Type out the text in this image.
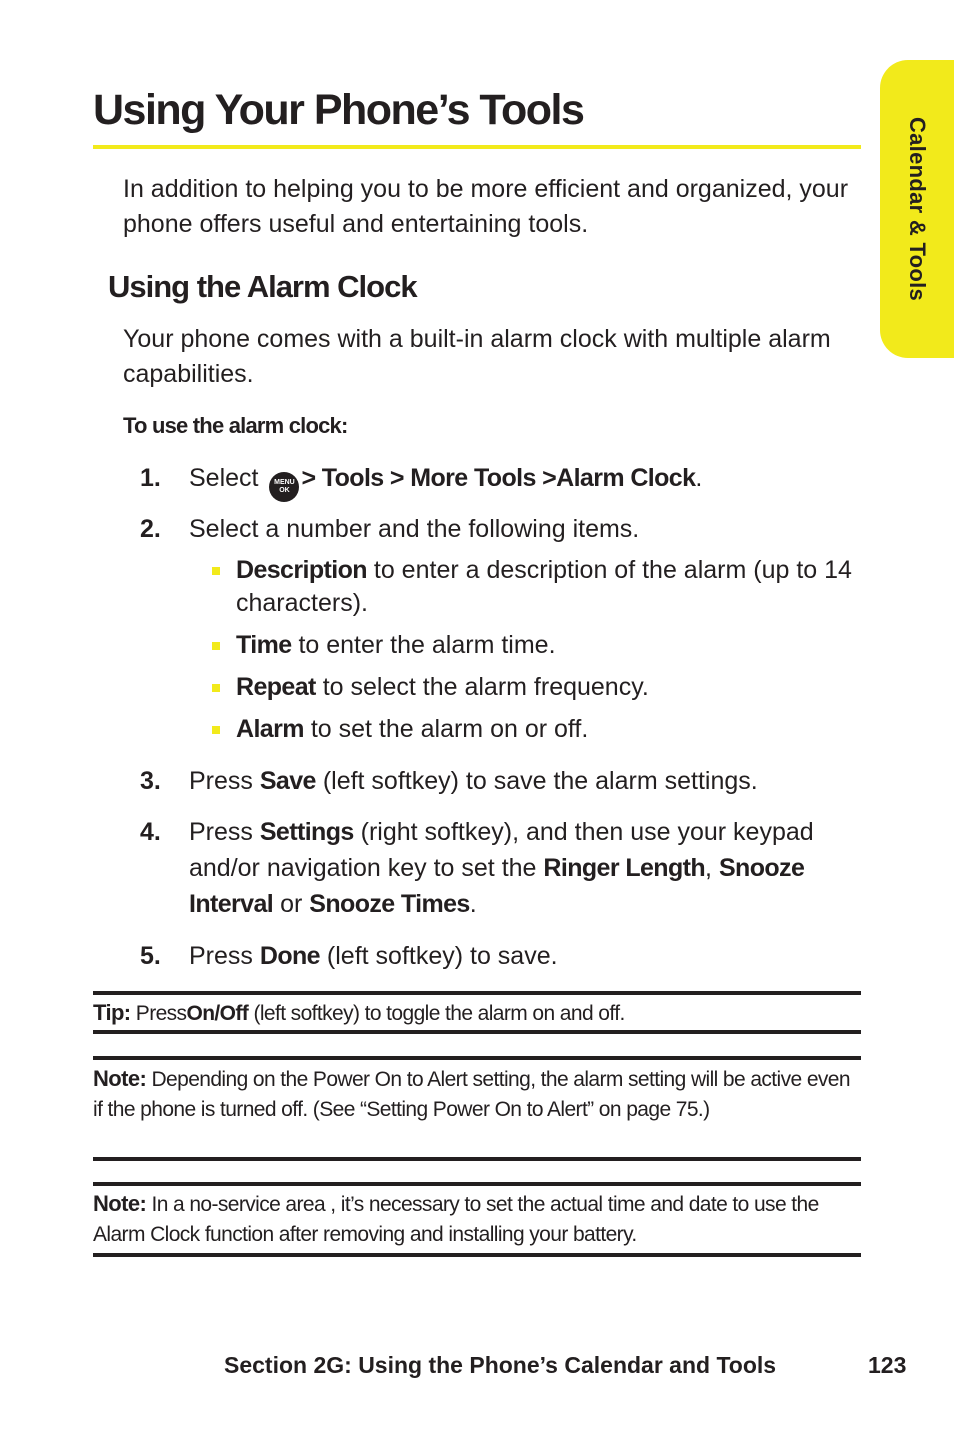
Calendar & Tools
Using Your Phone’s Tools

In addition to helping you to be more efficient and organized, your phone offers useful and entertaining tools.

Using the Alarm Clock

Your phone comes with a built-in alarm clock with multiple alarm capabilities.

To use the alarm clock:

1. Select MENU
OK > Tools > More Tools >Alarm Clock.
2. Select a number and the following items.
Description to enter a description of the alarm (up to 14 characters).
Time to enter the alarm time.
Repeat to select the alarm frequency.
Alarm to set the alarm on or off.
3. Press Save (left softkey) to save the alarm settings.
4. Press Settings (right softkey), and then use your keypad and/or navigation key to set the Ringer Length, Snooze Interval or Snooze Times.
5. Press Done (left softkey) to save.
Tip: PressOn/Off (left softkey) to toggle the alarm on and off.
Note: Depending on the Power On to Alert setting, the alarm setting will be active even if the phone is turned off. (See “Setting Power On to Alert” on page 75.)
Note: In a no-service area , it’s necessary to set the actual time and date to use the Alarm Clock function after removing and installing your battery.
Section 2G: Using the Phone’s Calendar and Tools	123
